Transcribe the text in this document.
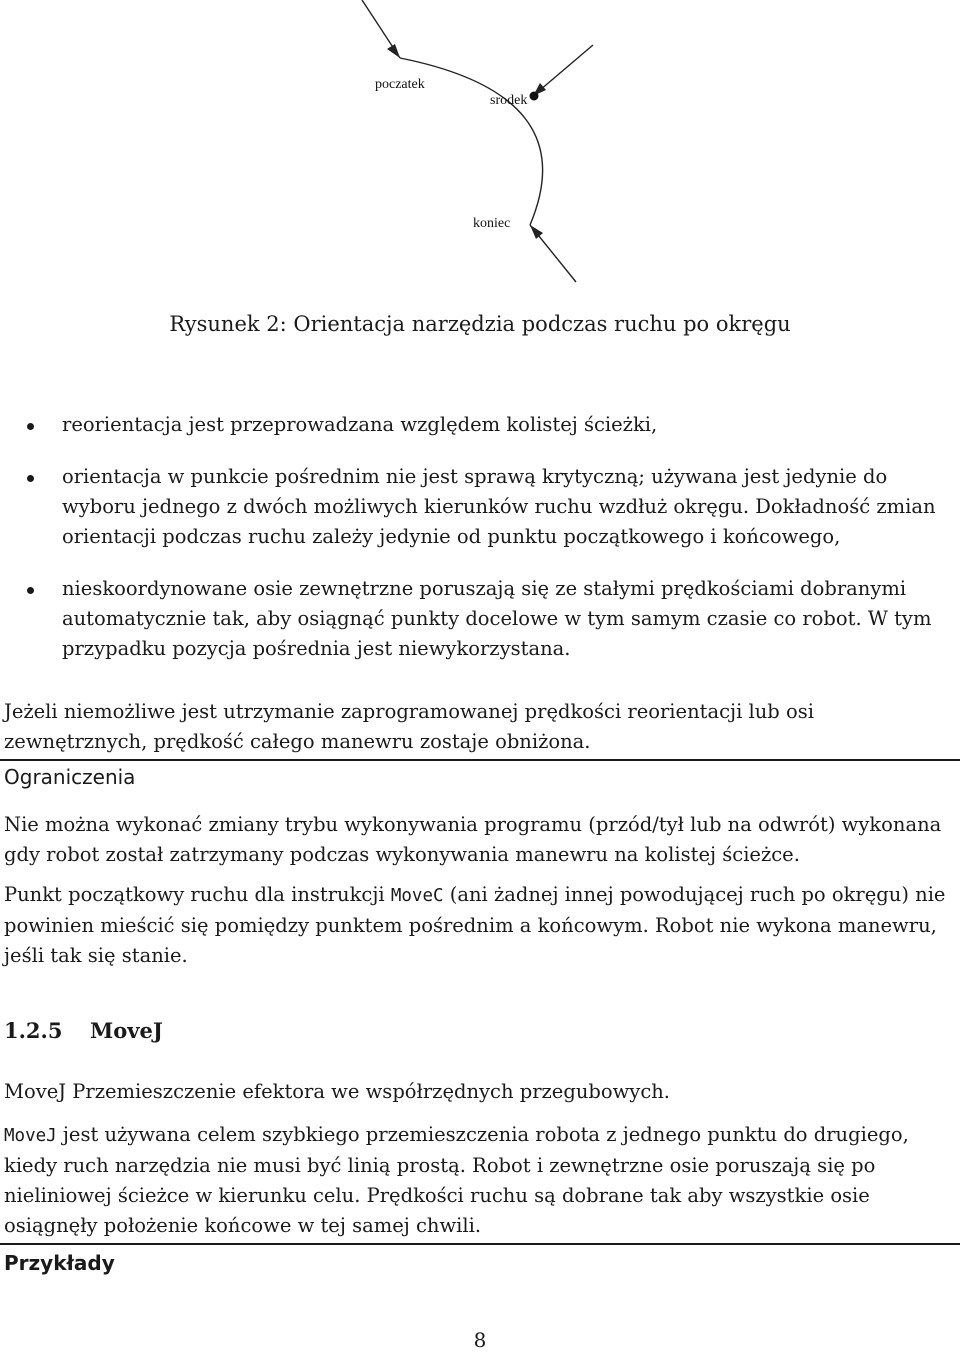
poczatek
srodek
koniec
Rysunek 2: Orientacja narzędzia podczas ruchu po okręgu

reorientacja jest przeprowadzana względem kolistej ścieżki,

orientacja w punkcie pośrednim nie jest sprawą krytyczną; używana jest jedynie do wyboru jednego z dwóch możliwych kierunków ruchu wzdłuż okręgu. Dokładność zmian orientacji podczas ruchu zależy jedynie od punktu początkowego i końcowego,

nieskoordynowane osie zewnętrzne poruszają się ze stałymi prędkościami dobranymi automatycznie tak, aby osiągnąć punkty docelowe w tym samym czasie co robot. W tym przypadku pozycja pośrednia jest niewykorzystana.

Jeżeli niemożliwe jest utrzymanie zaprogramowanej prędkości reorientacji lub osi zewnętrznych, prędkość całego manewru zostaje obniżona.

Ograniczenia

Nie można wykonać zmiany trybu wykonywania programu (przód/tył lub na odwrót) wykonana gdy robot został zatrzymany podczas wykonywania manewru na kolistej ścieżce.

Punkt początkowy ruchu dla instrukcji MoveC (ani żadnej innej powodującej ruch po okręgu) nie powinien mieścić się pomiędzy punktem pośrednim a końcowym. Robot nie wykona manewru, jeśli tak się stanie.

1.2.5 MoveJ

MoveJ Przemieszczenie efektora we współrzędnych przegubowych.

MoveJ jest używana celem szybkiego przemieszczenia robota z jednego punktu do drugiego, kiedy ruch narzędzia nie musi być linią prostą. Robot i zewnętrzne osie poruszają się po nieliniowej ścieżce w kierunku celu. Prędkości ruchu są dobrane tak aby wszystkie osie osiągnęły położenie końcowe w tej samej chwili.

Przykłady
8
